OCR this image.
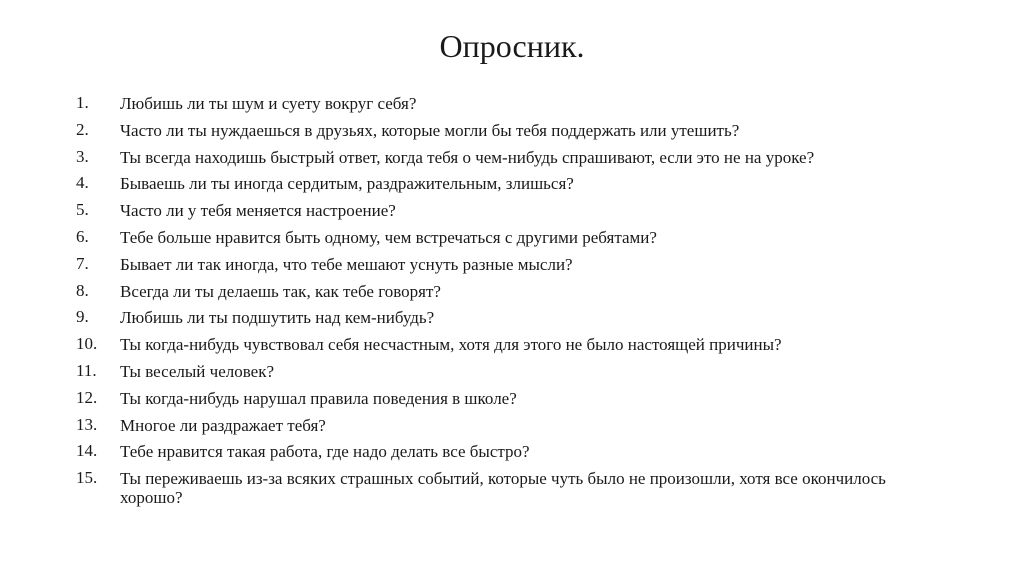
Опросник.
1.	Любишь ли ты шум и суету вокруг себя?
2.	Часто ли ты нуждаешься в друзьях, которые могли бы тебя поддержать или утешить?
3.	Ты всегда находишь быстрый ответ, когда тебя о чем-нибудь спрашивают, если это не на уроке?
4.	Бываешь ли ты иногда сердитым, раздражительным, злишься?
5.	Часто ли у тебя меняется настроение?
6.	Тебе больше нравится быть одному, чем встречаться с другими ребятами?
7.	Бывает ли так иногда, что тебе мешают уснуть разные мысли?
8.	Всегда ли ты делаешь так, как тебе говорят?
9.	Любишь ли ты подшутить над кем-нибудь?
10.	Ты когда-нибудь чувствовал себя несчастным, хотя для этого не было настоящей причины?
11.	Ты веселый человек?
12.	Ты когда-нибудь нарушал правила поведения в школе?
13.	Многое ли раздражает тебя?
14.	Тебе нравится такая работа, где надо делать все быстро?
15.	Ты переживаешь из-за всяких страшных событий, которые чуть было не произошли, хотя все окончилось хорошо?
